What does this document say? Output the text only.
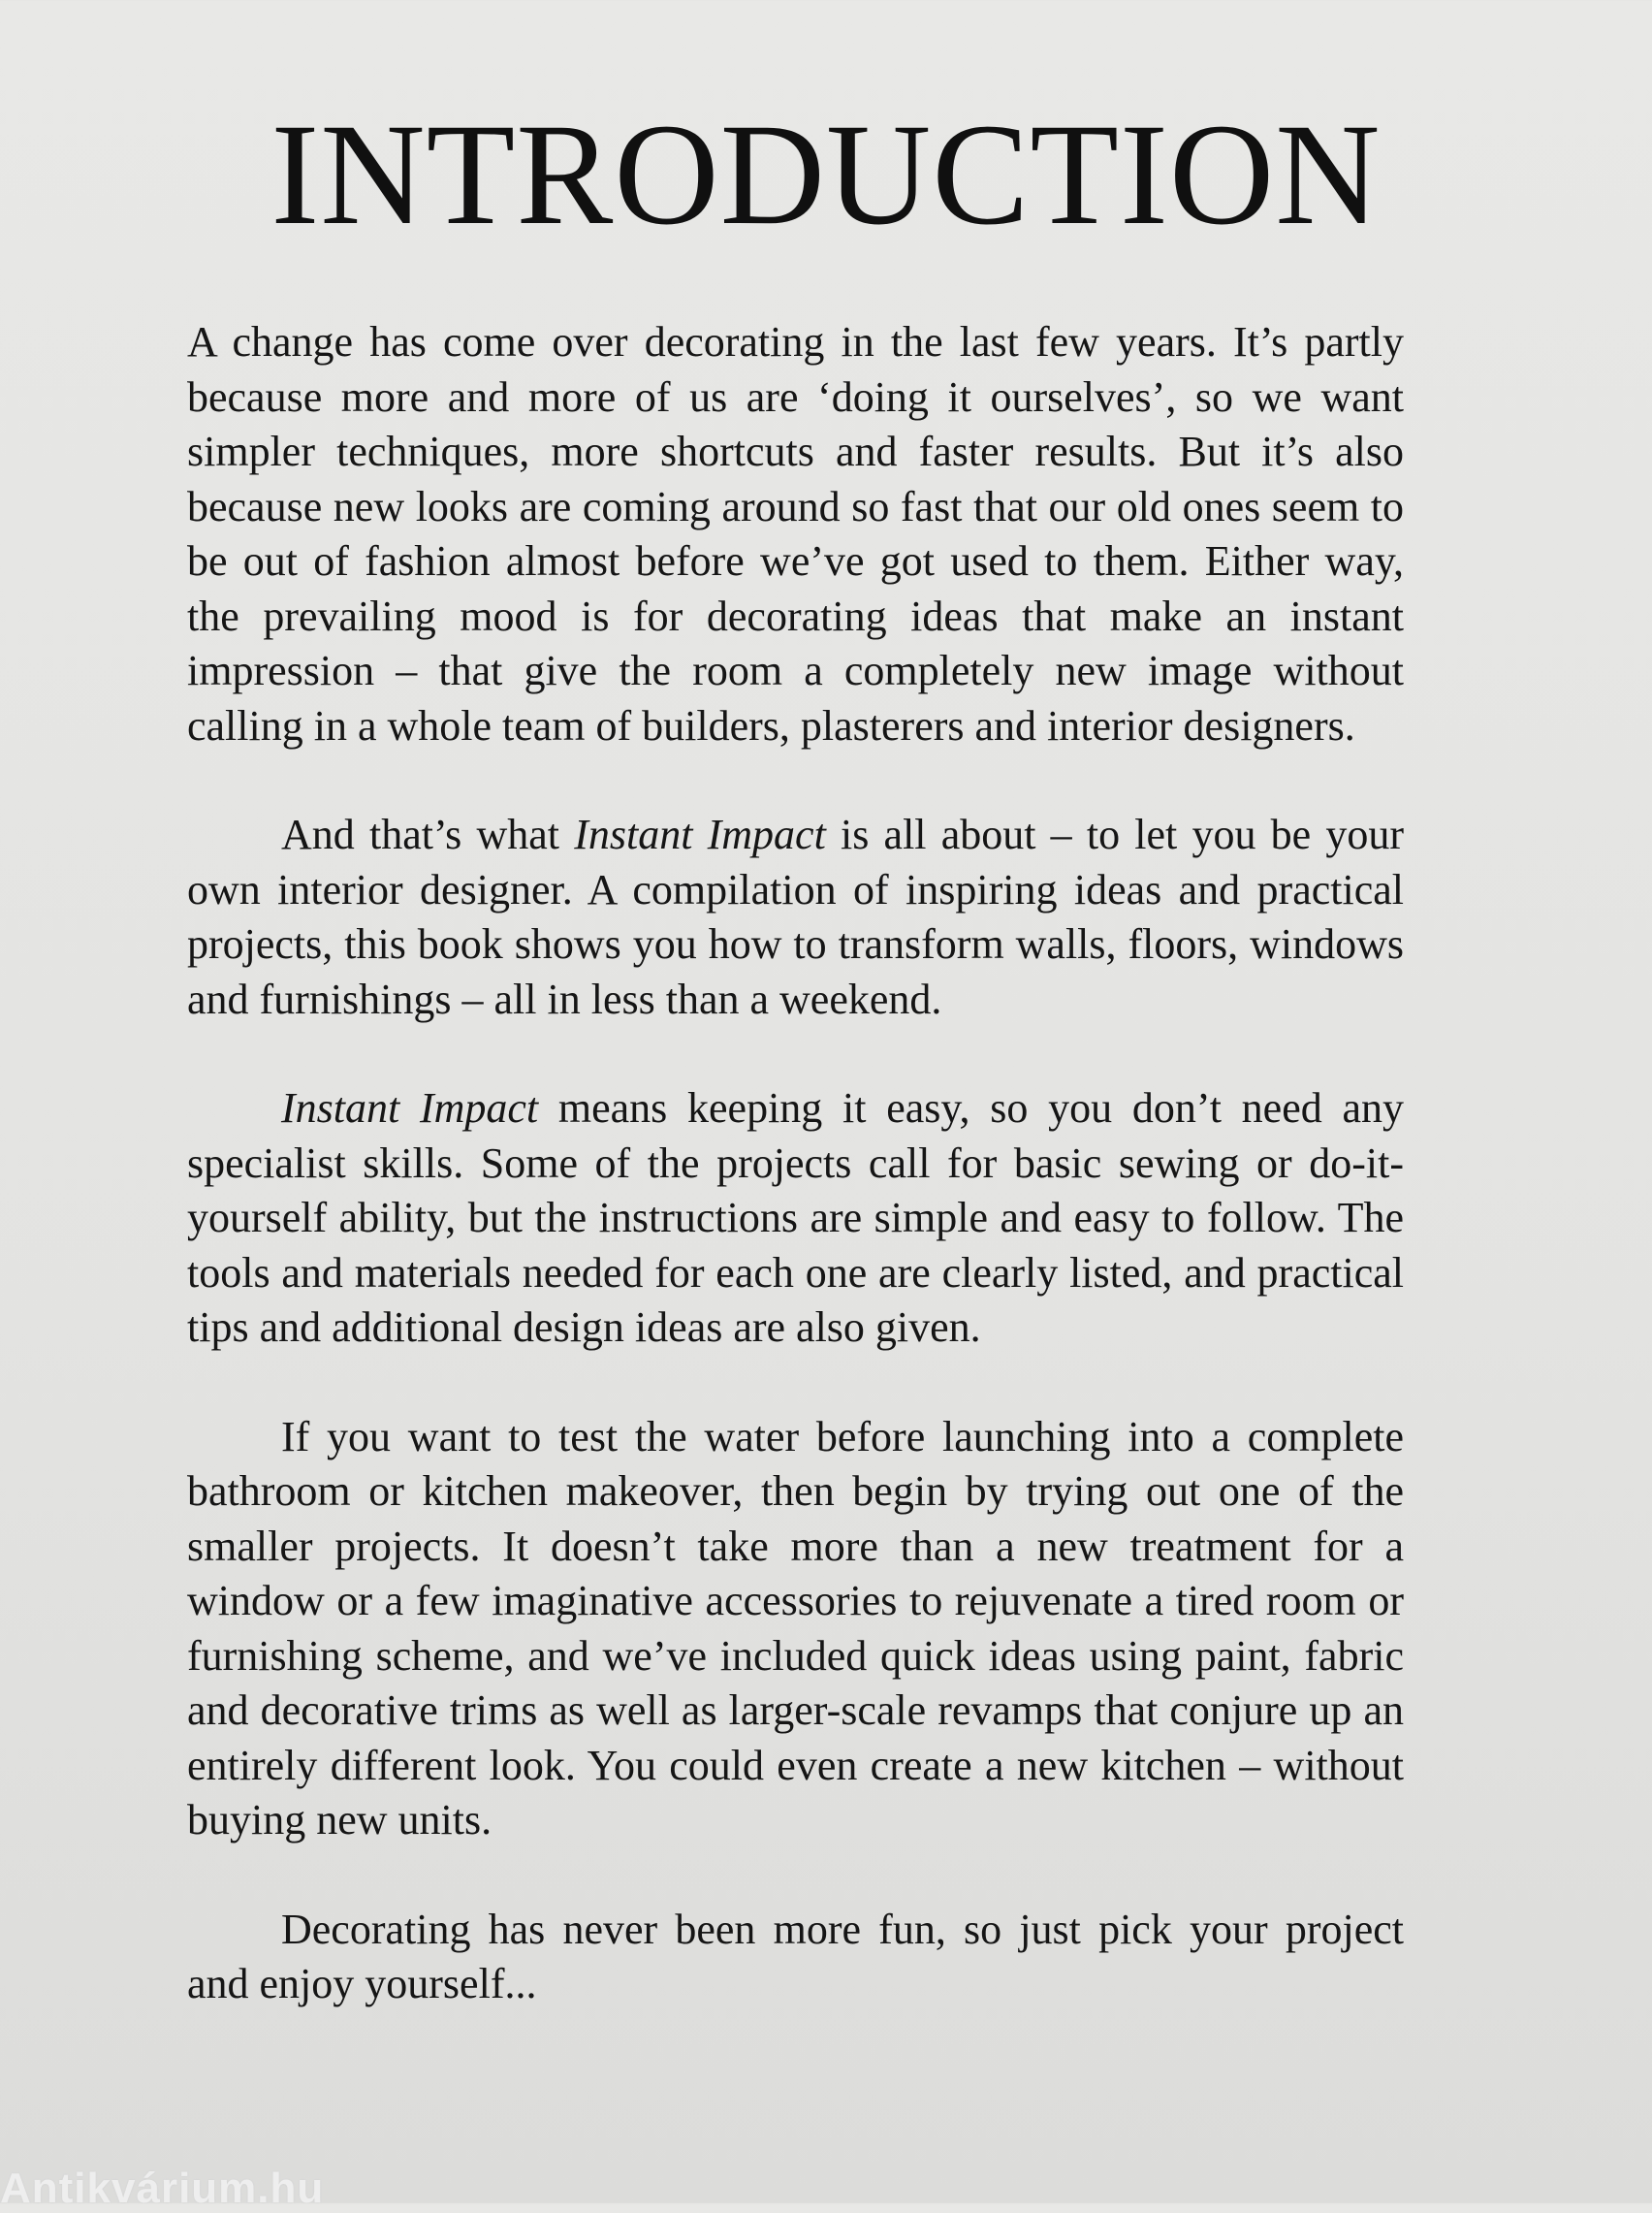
INTRODUCTION

A change has come over decorating in the last few years. It’s partly because more and more of us are ‘doing it ourselves’, so we want simpler techniques, more shortcuts and faster results. But it’s also because new looks are coming around so fast that our old ones seem to be out of fashion almost before we’ve got used to them. Either way, the prevailing mood is for decorating ideas that make an instant impression – that give the room a completely new image without calling in a whole team of builders, plasterers and interior designers.

And that’s what Instant Impact is all about – to let you be your own interior designer. A compilation of inspiring ideas and practical projects, this book shows you how to transform walls, floors, windows and furnishings – all in less than a weekend.

Instant Impact means keeping it easy, so you don’t need any specialist skills. Some of the projects call for basic sewing or do-it-yourself ability, but the instructions are simple and easy to follow. The tools and materials needed for each one are clearly listed, and practical tips and additional design ideas are also given.

If you want to test the water before launching into a complete bathroom or kitchen makeover, then begin by trying out one of the smaller projects. It doesn’t take more than a new treatment for a window or a few imaginative accessories to rejuvenate a tired room or furnishing scheme, and we’ve included quick ideas using paint, fabric and decorative trims as well as larger-scale revamps that conjure up an entirely different look. You could even create a new kitchen – without buying new units.

Decorating has never been more fun, so just pick your project and enjoy yourself...

Antikvárium.hu
